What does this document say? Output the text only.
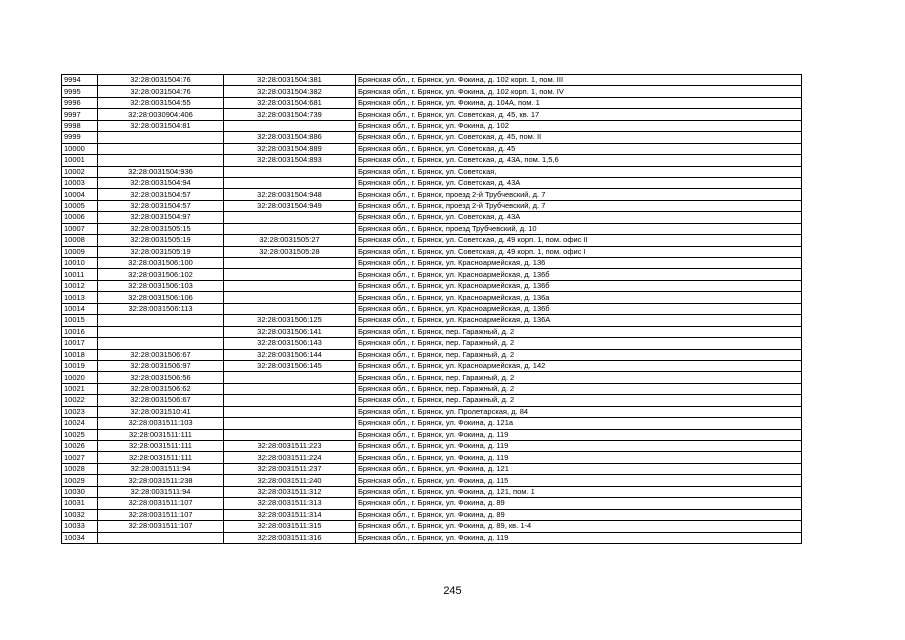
9994	32:28:0031504:76	32:28:0031504:381	Брянская обл., г. Брянск, ул. Фокина, д. 102 корп. 1, пом. III
9995	32:28:0031504:76	32:28:0031504:382	Брянская обл., г. Брянск, ул. Фокина, д. 102 корп. 1, пом. IV
9996	32:28:0031504:55	32:28:0031504:681	Брянская обл., г. Брянск, ул. Фокина, д. 104А, пом. 1
9997	32:28:0030904:406	32:28:0031504:739	Брянская обл., г. Брянск, ул. Советская, д. 45, кв. 17
9998	32:28:0031504:81		Брянская обл., г. Брянск, ул. Фокина, д. 102
9999		32:28:0031504:886	Брянская обл., г. Брянск, ул. Советская, д. 45, пом. II
10000		32:28:0031504:889	Брянская обл., г. Брянск, ул. Советская, д. 45
10001		32:28:0031504:893	Брянская обл., г. Брянск, ул. Советская, д. 43А, пом. 1,5,6
10002	32:28:0031504:936		Брянская обл., г. Брянск, ул. Советская,
10003	32:28:0031504:94		Брянская обл., г. Брянск, ул. Советская, д. 43А
10004	32:28:0031504:57	32:28:0031504:948	Брянская обл., г. Брянск, проезд 2-й Трубчевский, д. 7
10005	32:28:0031504:57	32:28:0031504:949	Брянская обл., г. Брянск, проезд 2-й Трубчевский, д. 7
10006	32:28:0031504:97		Брянская обл., г. Брянск, ул. Советская, д. 43А
10007	32:28:0031505:15		Брянская обл., г. Брянск, проезд Трубчевский, д. 10
10008	32:28:0031505:19	32:28:0031505:27	Брянская обл., г. Брянск, ул. Советская, д. 49 корп. 1, пом. офис II
10009	32:28:0031505:19	32:28:0031505:28	Брянская обл., г. Брянск, ул. Советская, д. 49 корп. 1, пом. офис I
10010	32:28:0031506:100		Брянская обл., г. Брянск, ул. Красноармейская, д. 136
10011	32:28:0031506:102		Брянская обл., г. Брянск, ул. Красноармейская, д. 136б
10012	32:28:0031506:103		Брянская обл., г. Брянск, ул. Красноармейская, д. 136б
10013	32:28:0031506:106		Брянская обл., г. Брянск, ул. Красноармейская, д. 136а
10014	32:28:0031506:113		Брянская обл., г. Брянск, ул. Красноармейская, д. 136б
10015		32:28:0031506:125	Брянская обл., г. Брянск, ул. Красноармейская, д. 136А
10016		32:28:0031506:141	Брянская обл., г. Брянск, пер. Гаражный, д. 2
10017		32:28:0031506:143	Брянская обл., г. Брянск, пер. Гаражный, д. 2
10018	32:28:0031506:67	32:28:0031506:144	Брянская обл., г. Брянск, пер. Гаражный, д. 2
10019	32:28:0031506:97	32:28:0031506:145	Брянская обл., г. Брянск, ул. Красноармейская, д. 142
10020	32:28:0031506:56		Брянская обл., г. Брянск, пер. Гаражный, д. 2
10021	32:28:0031506:62		Брянская обл., г. Брянск, пер. Гаражный, д. 2
10022	32:28:0031506:67		Брянская обл., г. Брянск, пер. Гаражный, д. 2
10023	32:28:0031510:41		Брянская обл., г. Брянск, ул. Пролетарская, д. 84
10024	32:28:0031511:103		Брянская обл., г. Брянск, ул. Фокина, д. 121а
10025	32:28:0031511:111		Брянская обл., г. Брянск, ул. Фокина, д. 119
10026	32:28:0031511:111	32:28:0031511:223	Брянская обл., г. Брянск, ул. Фокина, д. 119
10027	32:28:0031511:111	32:28:0031511:224	Брянская обл., г. Брянск, ул. Фокина, д. 119
10028	32:28:0031511:94	32:28:0031511:237	Брянская обл., г. Брянск, ул. Фокина, д. 121
10029	32:28:0031511:238	32:28:0031511:240	Брянская обл., г. Брянск, ул. Фокина, д. 115
10030	32:28:0031511:94	32:28:0031511:312	Брянская обл., г. Брянск, ул. Фокина, д. 121, пом. 1
10031	32:28:0031511:107	32:28:0031511:313	Брянская обл., г. Брянск, ул. Фокина, д. 89
10032	32:28:0031511:107	32:28:0031511:314	Брянская обл., г. Брянск, ул. Фокина, д. 89
10033	32:28:0031511:107	32:28:0031511:315	Брянская обл., г. Брянск, ул. Фокина, д. 89, кв. 1-4
10034		32:28:0031511:316	Брянская обл., г. Брянск, ул. Фокина, д. 119
245
